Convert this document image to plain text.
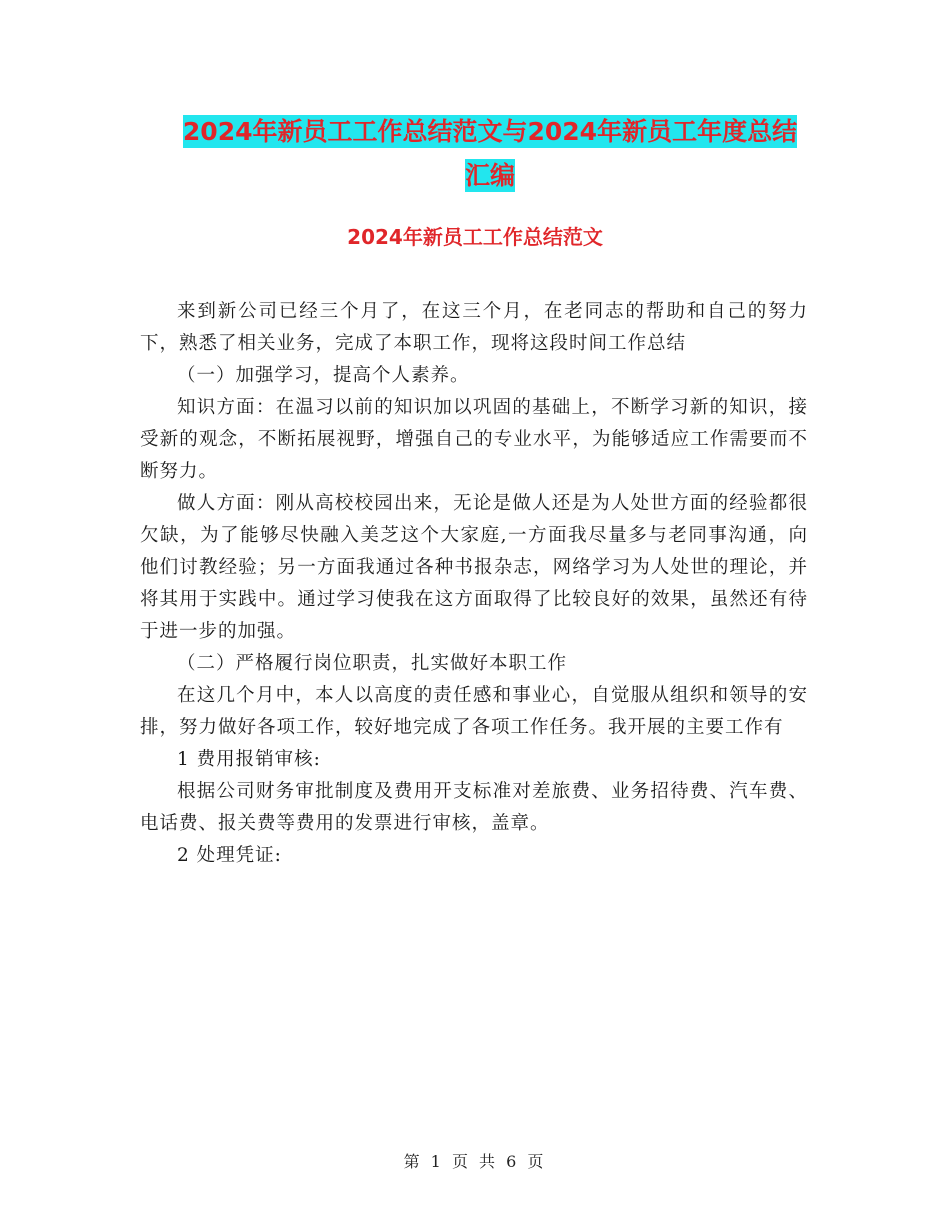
2024年新员工工作总结范文与2024年新员工年度总结
汇编
2024年新员工工作总结范文

来到新公司已经三个月了，在这三个月，在老同志的帮助和自己的努力下，熟悉了相关业务，完成了本职工作，现将这段时间工作总结

（一）加强学习，提高个人素养。

知识方面：在温习以前的知识加以巩固的基础上，不断学习新的知识，接受新的观念，不断拓展视野，增强自己的专业水平，为能够适应工作需要而不断努力。

做人方面：刚从高校校园出来，无论是做人还是为人处世方面的经验都很欠缺，为了能够尽快融入美芝这个大家庭,一方面我尽量多与老同事沟通，向他们讨教经验；另一方面我通过各种书报杂志，网络学习为人处世的理论，并将其用于实践中。通过学习使我在这方面取得了比较良好的效果，虽然还有待于进一步的加强。

（二）严格履行岗位职责，扎实做好本职工作

在这几个月中，本人以高度的责任感和事业心，自觉服从组织和领导的安排，努力做好各项工作，较好地完成了各项工作任务。我开展的主要工作有

1 费用报销审核:

根据公司财务审批制度及费用开支标准对差旅费、业务招待费、汽车费、电话费、报关费等费用的发票进行审核，盖章。

2 处理凭证:

第 1 页 共 6 页
